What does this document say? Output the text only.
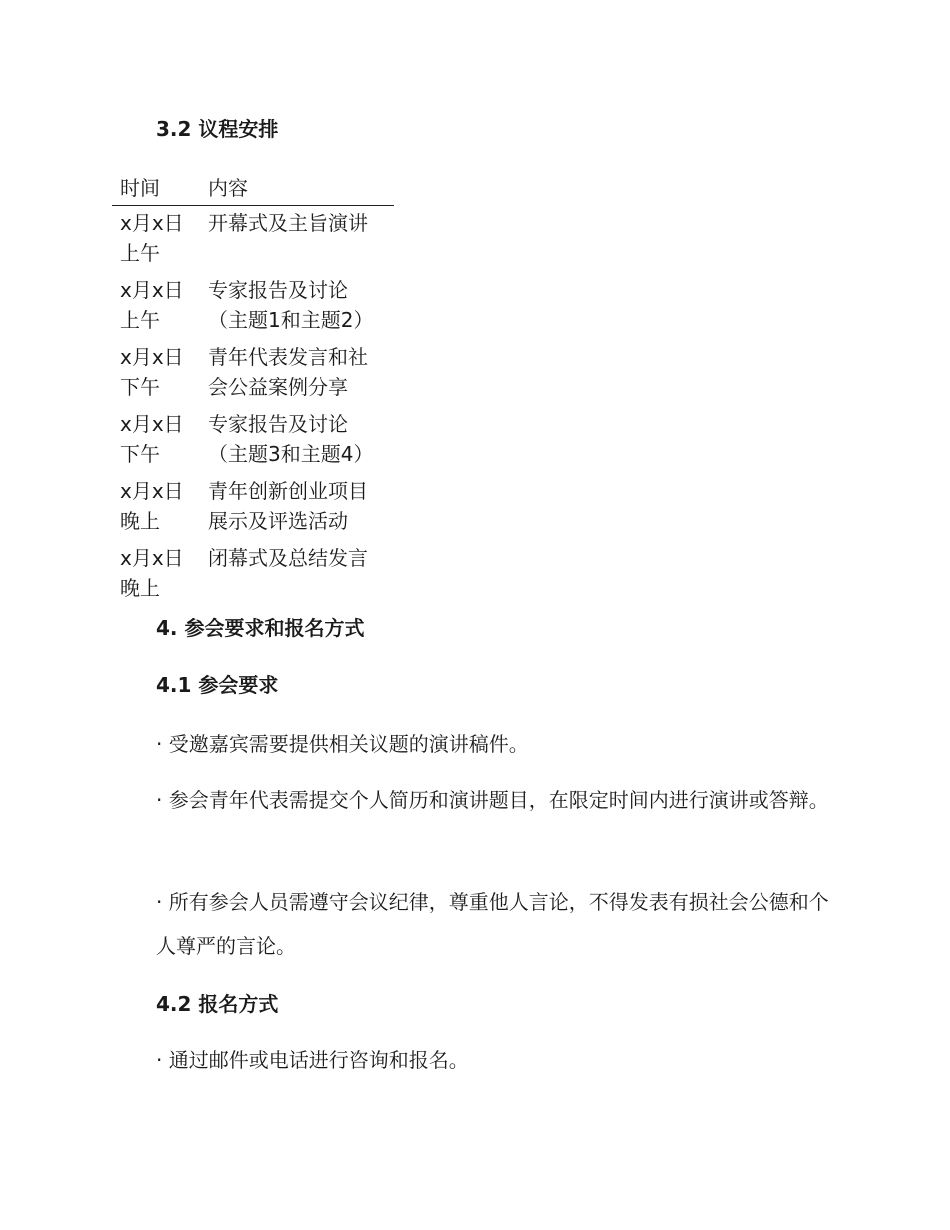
3.2 议程安排
时间	内容
x月x日上午	开幕式及主旨演讲
x月x日上午	专家报告及讨论（主题1和主题2）
x月x日下午	青年代表发言和社会公益案例分享
x月x日下午	专家报告及讨论（主题3和主题4）
x月x日晚上	青年创新创业项目展示及评选活动
x月x日晚上	闭幕式及总结发言
4. 参会要求和报名方式
4.1 参会要求
· 受邀嘉宾需要提供相关议题的演讲稿件。
· 参会青年代表需提交个人简历和演讲题目，在限定时间内进行演讲或答辩。
· 所有参会人员需遵守会议纪律，尊重他人言论，不得发表有损社会公德和个人尊严的言论。
4.2 报名方式
· 通过邮件或电话进行咨询和报名。
